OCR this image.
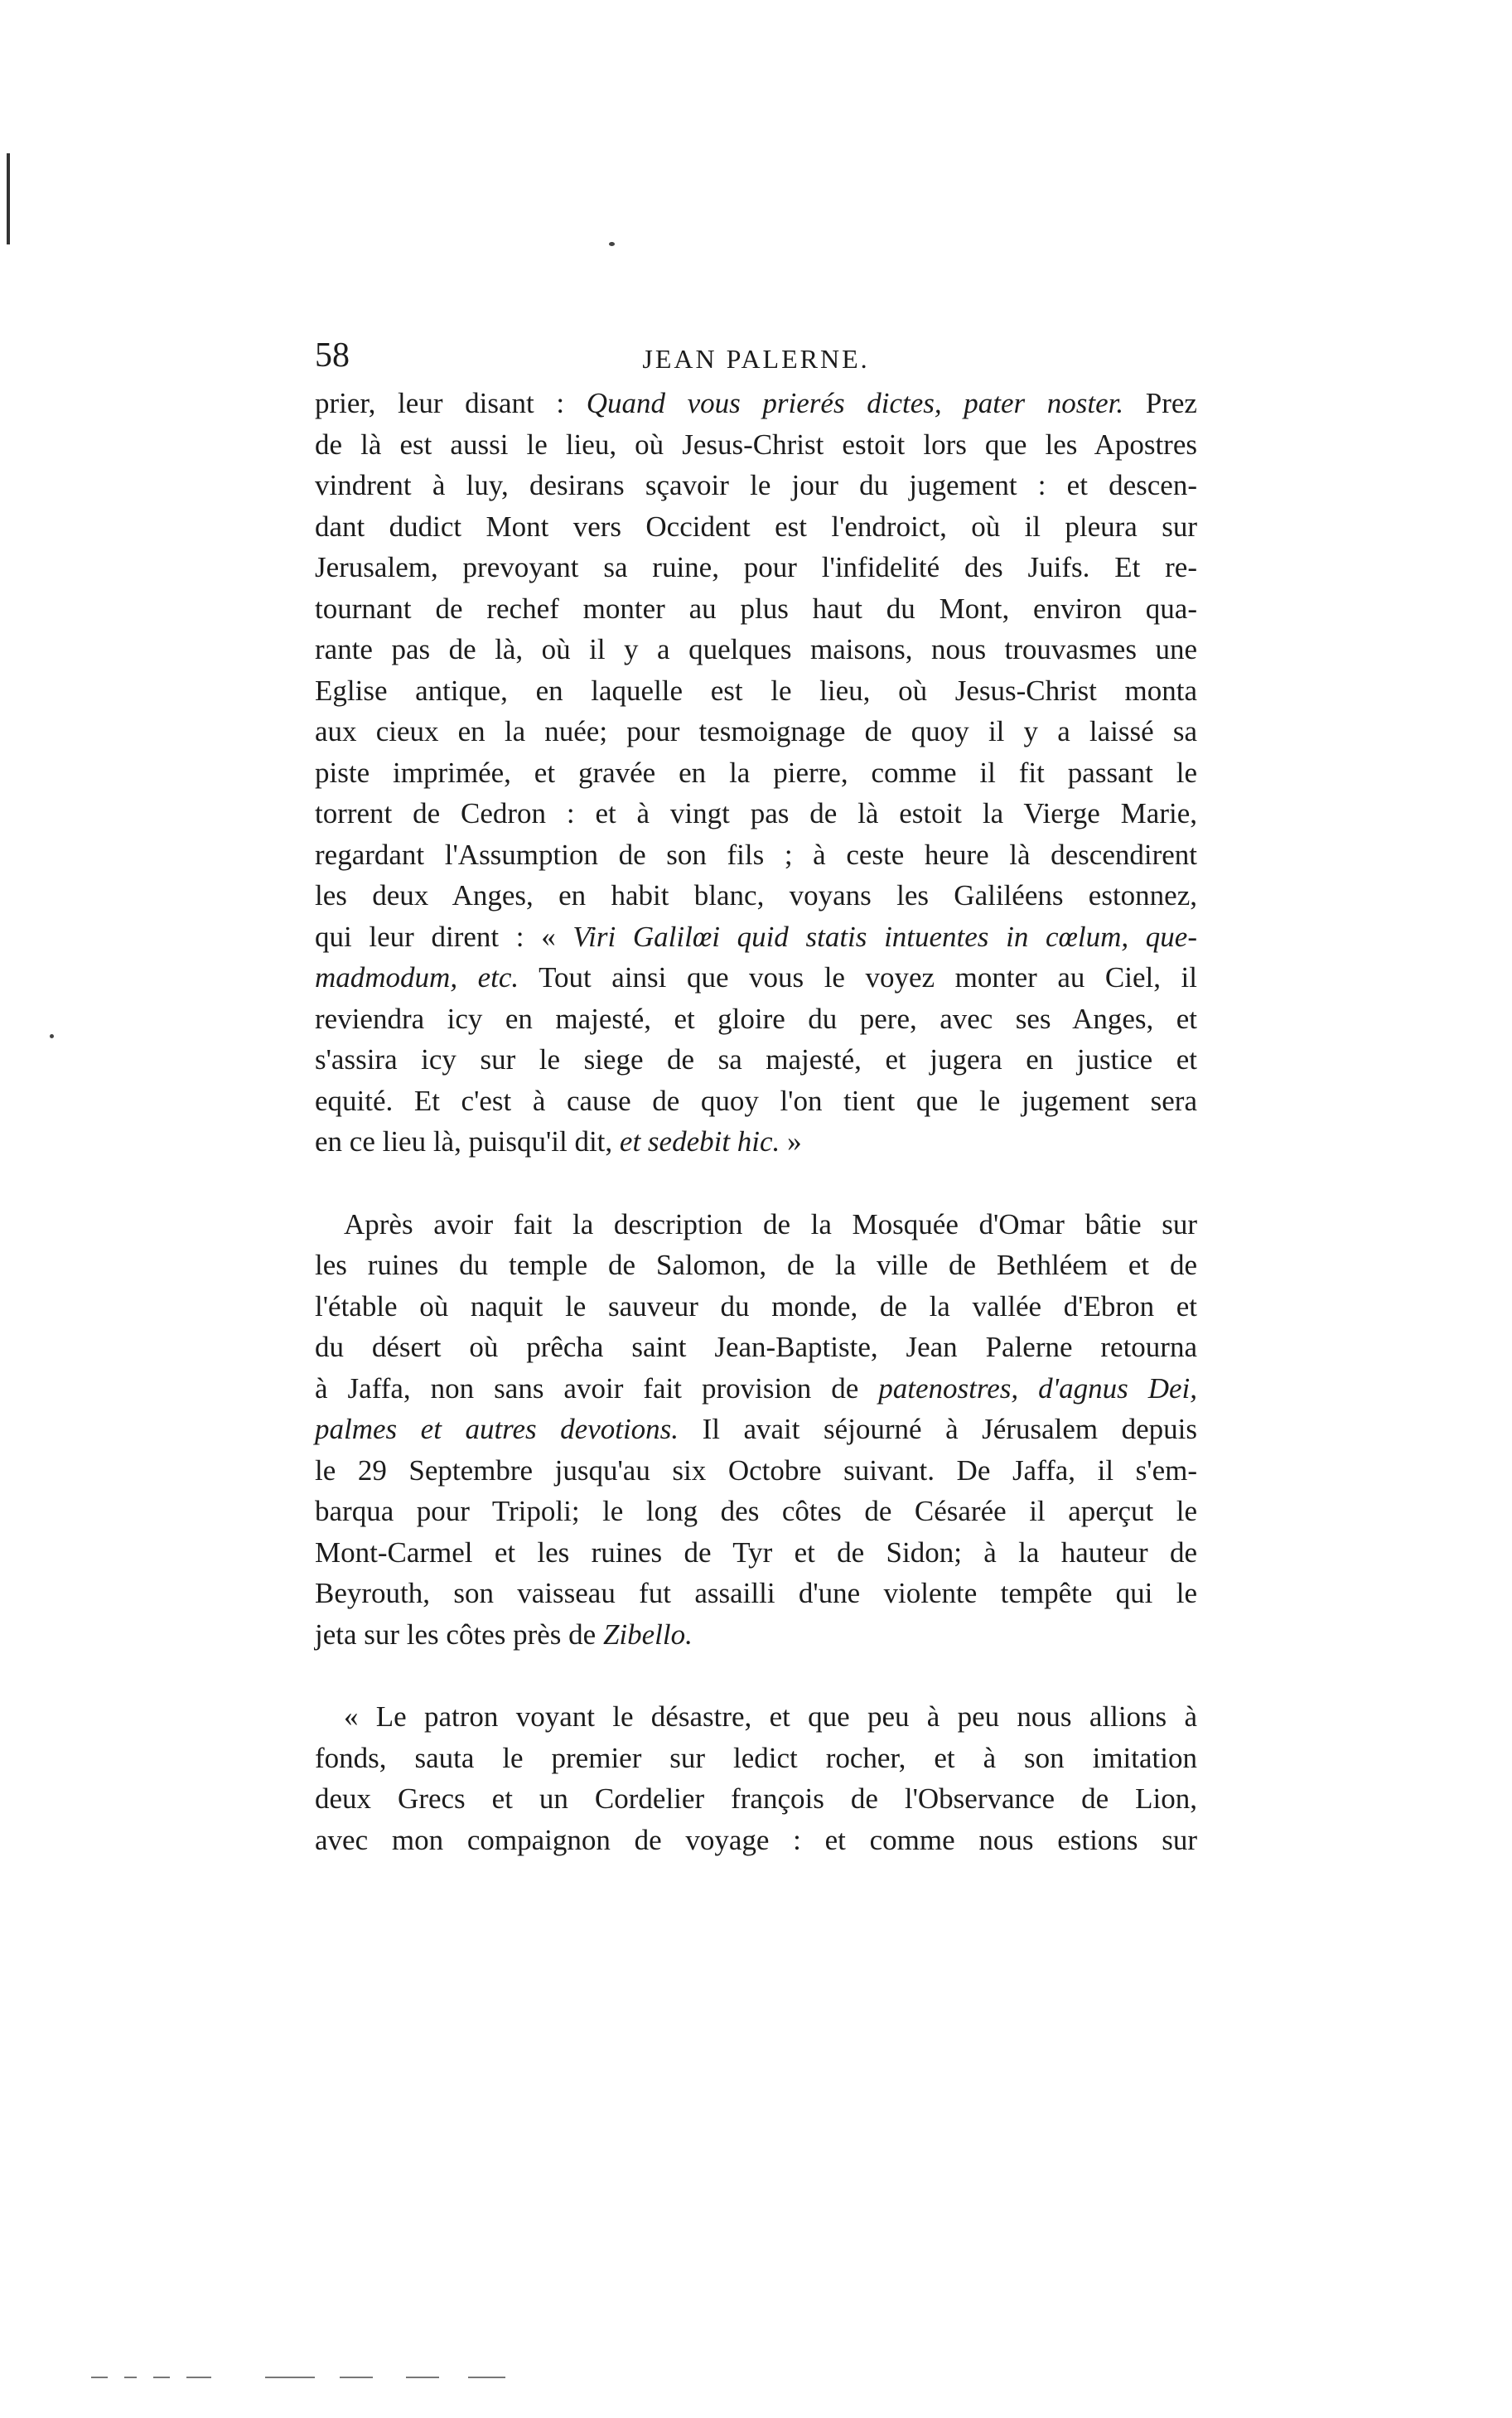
58	JEAN PALERNE.
prier, leur disant : Quand vous prierés dictes, pater noster. Prez
de là est aussi le lieu, où Jesus-Christ estoit lors que les Apostres
vindrent à luy, desirans sçavoir le jour du jugement : et descen-
dant dudict Mont vers Occident est l'endroict, où il pleura sur
Jerusalem, prevoyant sa ruine, pour l'infidelité des Juifs. Et re-
tournant de rechef monter au plus haut du Mont, environ qua-
rante pas de là, où il y a quelques maisons, nous trouvasmes une
Eglise antique, en laquelle est le lieu, où Jesus-Christ monta
aux cieux en la nuée; pour tesmoignage de quoy il y a laissé sa
piste imprimée, et gravée en la pierre, comme il fit passant le
torrent de Cedron : et à vingt pas de là estoit la Vierge Marie,
regardant l'Assumption de son fils ; à ceste heure là descendirent
les deux Anges, en habit blanc, voyans les Galiléens estonnez,
qui leur dirent : « Viri Galilœi quid statis intuentes in cœlum, que-
madmodum, etc. Tout ainsi que vous le voyez monter au Ciel, il
reviendra icy en majesté, et gloire du pere, avec ses Anges, et
s'assira icy sur le siege de sa majesté, et jugera en justice et
equité. Et c'est à cause de quoy l'on tient que le jugement sera
en ce lieu là, puisqu'il dit, et sedebit hic. »
Après avoir fait la description de la Mosquée d'Omar bâtie sur
les ruines du temple de Salomon, de la ville de Bethléem et de
l'étable où naquit le sauveur du monde, de la vallée d'Ebron et
du désert où prêcha saint Jean-Baptiste, Jean Palerne retourna
à Jaffa, non sans avoir fait provision de patenostres, d'agnus Dei,
palmes et autres devotions. Il avait séjourné à Jérusalem depuis
le 29 Septembre jusqu'au six Octobre suivant. De Jaffa, il s'em-
barqua pour Tripoli; le long des côtes de Césarée il aperçut le
Mont-Carmel et les ruines de Tyr et de Sidon; à la hauteur de
Beyrouth, son vaisseau fut assailli d'une violente tempête qui le
jeta sur les côtes près de Zibello.
« Le patron voyant le désastre, et que peu à peu nous allions à
fonds, sauta le premier sur ledict rocher, et à son imitation
deux Grecs et un Cordelier françois de l'Observance de Lion,
avec mon compaignon de voyage : et comme nous estions sur
